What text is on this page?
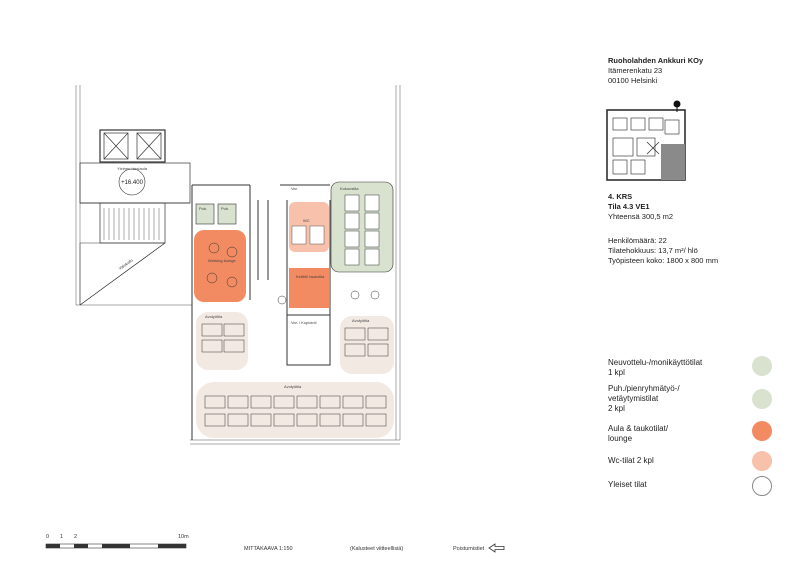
+16.400
Yleinen hissiaula
Valokuilu
Puh.	Puh.
Working lounge
WC
Keittiö/ taukotila
Var. / Kopiointi
Var.	Kokoustila
Avotyötila
Avotyötila
Avotyötila
Ruoholahden Ankkuri KOy
Itämerenkatu 23
00100 Helsinki
4. KRS
Tila 4.3 VE1
Yhteensä 300,5 m2
Henkilömäärä: 22
Tilatehokkuus: 13,7 m²/ hlö
Työpisteen koko: 1800 x 800 mm
Neuvottelu-/monikäyttötilat
1 kpl
Puh./pienryhmätyö-/
vetäytymistilat
2 kpl
Aula & taukotilat/
lounge
Wc-tilat 2 kpl
Yleiset tilat
0 1 2	10m
MITTAKAAVA 1:150	(Kalusteet viitteellisiä)	Poistumistiet
